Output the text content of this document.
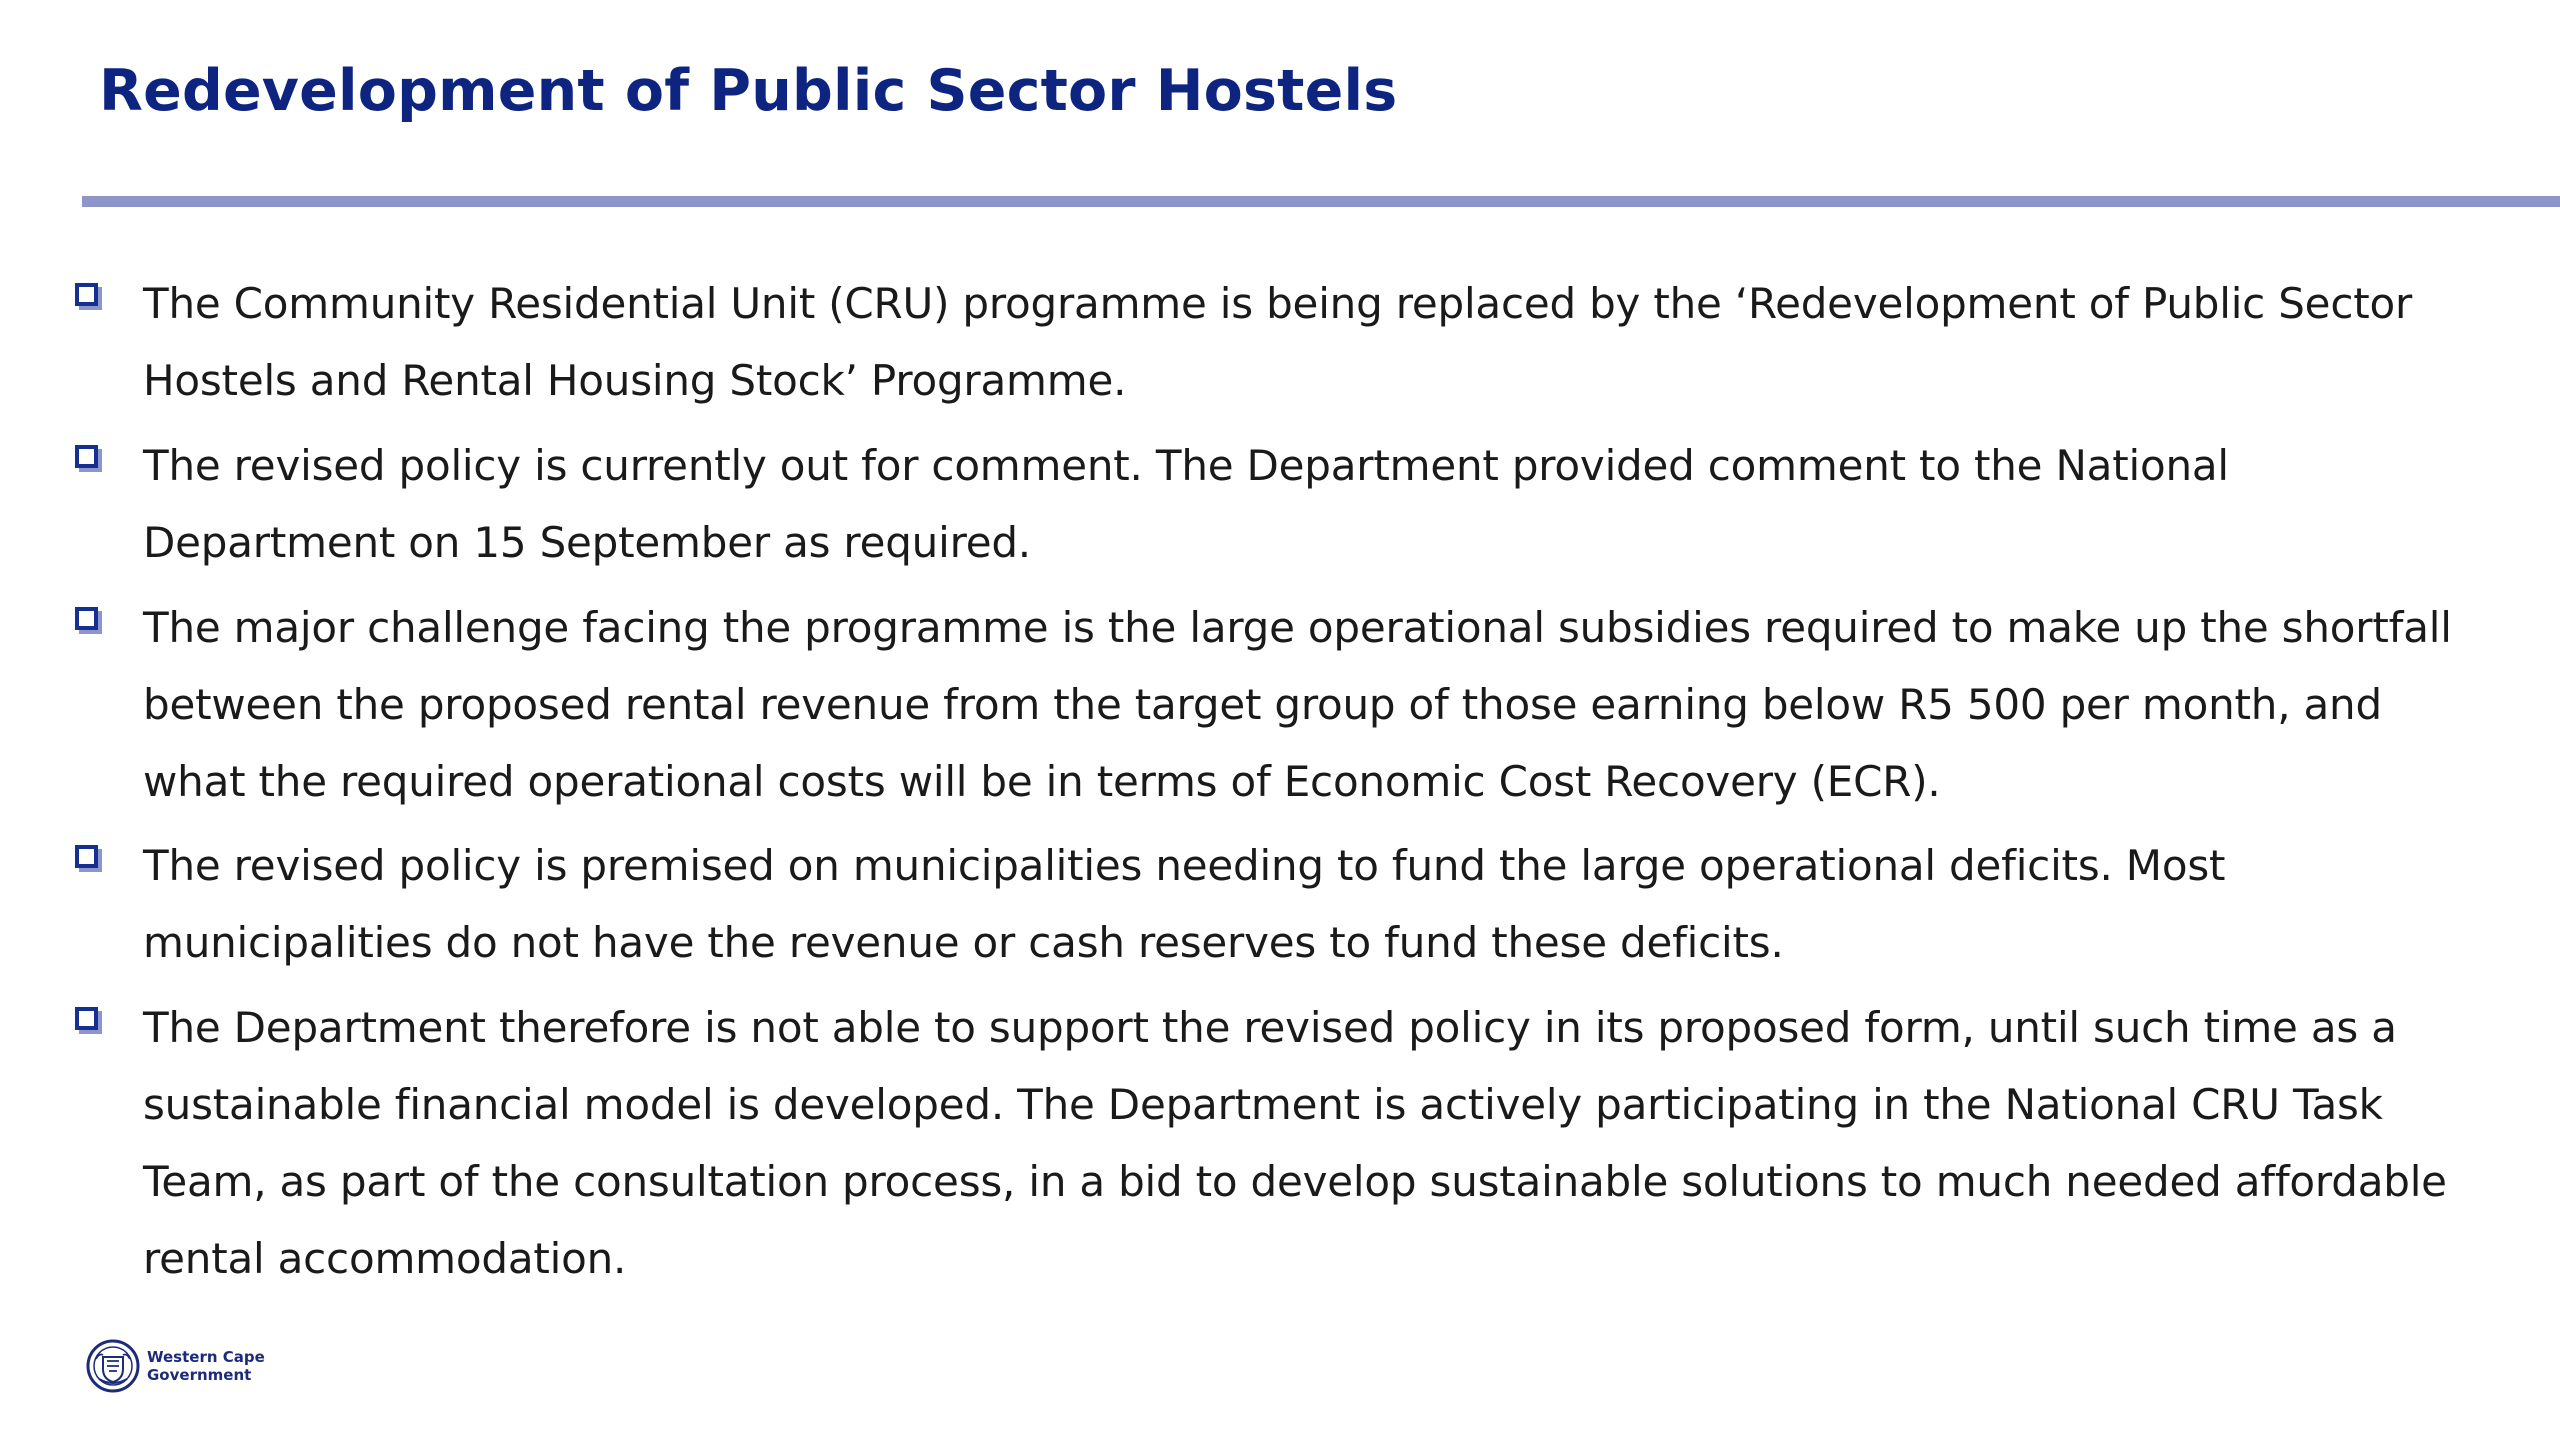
Redevelopment of Public Sector Hostels
The Community Residential Unit (CRU) programme is being replaced by the ‘Redevelopment of Public Sector
Hostels and Rental Housing Stock’ Programme.
The revised policy is currently out for comment. The Department provided comment to the National
Department on 15 September as required.
The major challenge facing the programme is the large operational subsidies required to make up the shortfall
between the proposed rental revenue from the target group of those earning below R5 500 per month, and
what the required operational costs will be in terms of Economic Cost Recovery (ECR).
The revised policy is premised on municipalities needing to fund the large operational deficits. Most
municipalities do not have the revenue or cash reserves to fund these deficits.
The Department therefore is not able to support the revised policy in its proposed form, until such time as a
sustainable financial model is developed. The Department is actively participating in the National CRU Task
Team, as part of the consultation process, in a bid to develop sustainable solutions to much needed affordable
rental accommodation.
Western Cape
Government
